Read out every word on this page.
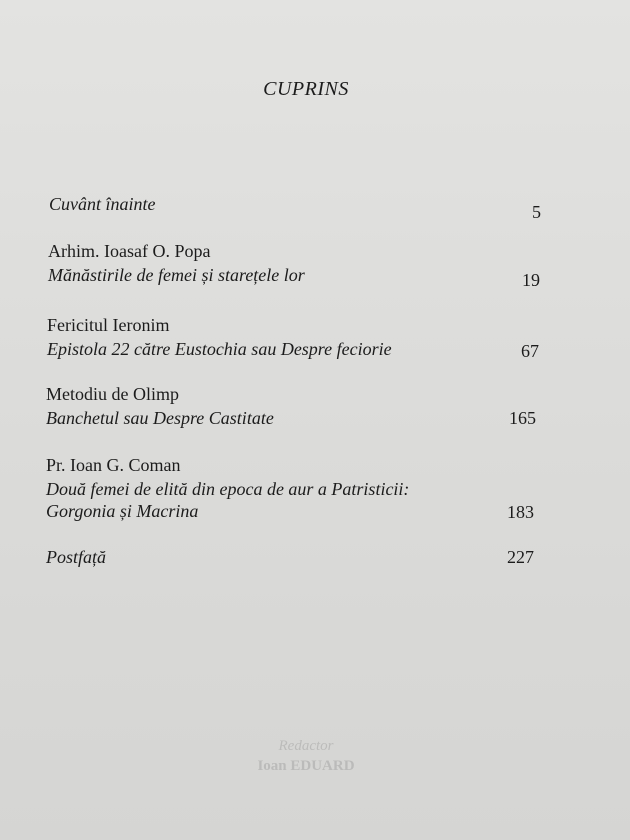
CUPRINS
Cuvânt înainte	5
Arhim. Ioasaf O. Popa
Mănăstirile de femei și starețele lor	19
Fericitul Ieronim
Epistola 22 către Eustochia sau Despre feciorie	67
Metodiu de Olimp
Banchetul sau Despre Castitate	165
Pr. Ioan G. Coman
Două femei de elită din epoca de aur a Patristicii:
Gorgonia și Macrina	183
Postfață	227
Redactor
Ioan EDUARD
